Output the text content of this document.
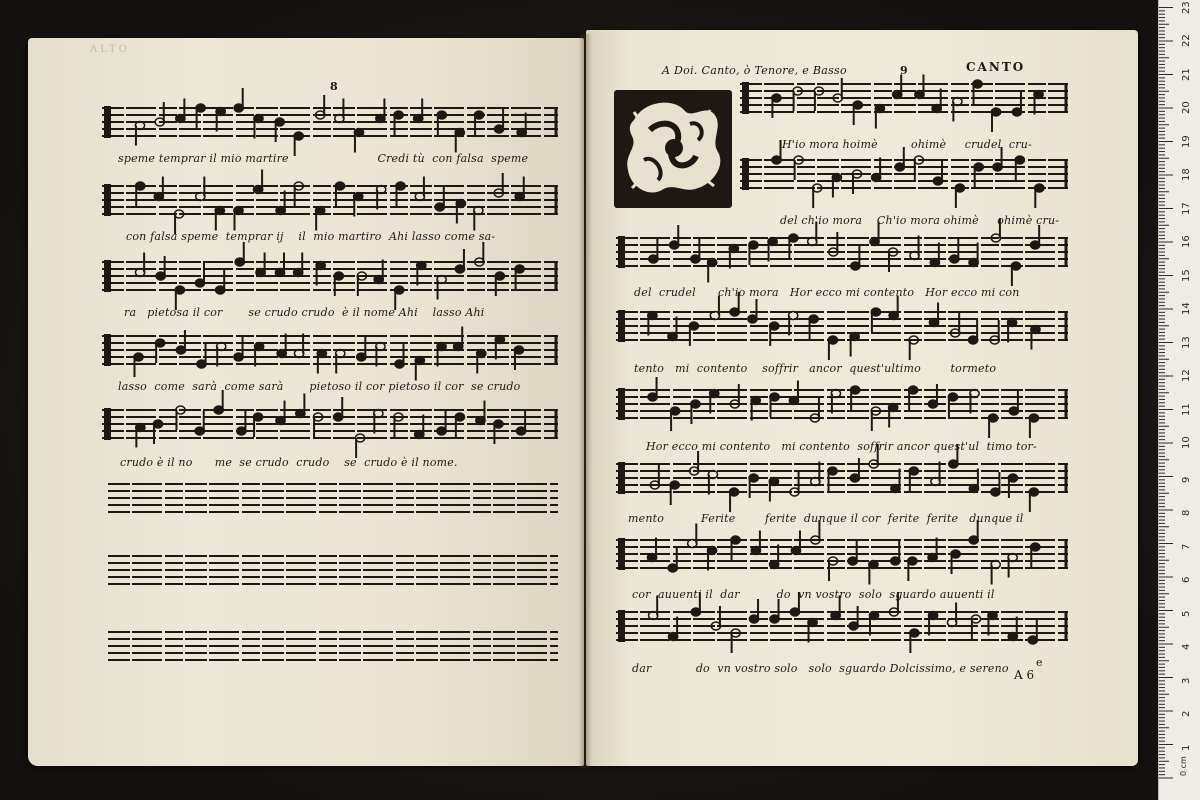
ALTO
8
A Doi. Canto, ò Tenore, e Basso	9	CANTO
speme temprar il mio martire                        Credi tù  con falsa  speme
con falsa speme  temprar ij    il  mio martiro  Ahi lasso come sa-
ra   pietosa il cor       se crudo crudo  è il nome Ahi    lasso Ahi
lasso  come  sarà  come sarà       pietoso il cor pietoso il cor  se crudo
crudo è il no      me  se crudo  crudo    se  crudo è il nome.
H'io mora hoimè         ohimè     crudel  cru-
del ch'io mora    Ch'io mora ohimè     ohimè cru-
del  crudel      ch'io mora   Hor ecco mi contento   Hor ecco mi con
tento   mi  contento    soffrir   ancor  quest'ultimo        tormeto
Hor ecco mi contento   mi contento  soffrir ancor quest'ul  timo tor-
mento          Ferite        ferite  dunque il cor  ferite  ferite   dunque il
cor  auuenti il  dar          do  vn vostro  solo  sguardo auuenti il
dar            do  vn vostro solo   solo  sguardo Dolcissimo, e sereno e
A 6
23
22
21
20
19
18
17
16
15
14
13
12
11
10
9
8
7
6
5
4
3
2
1
0 cm
